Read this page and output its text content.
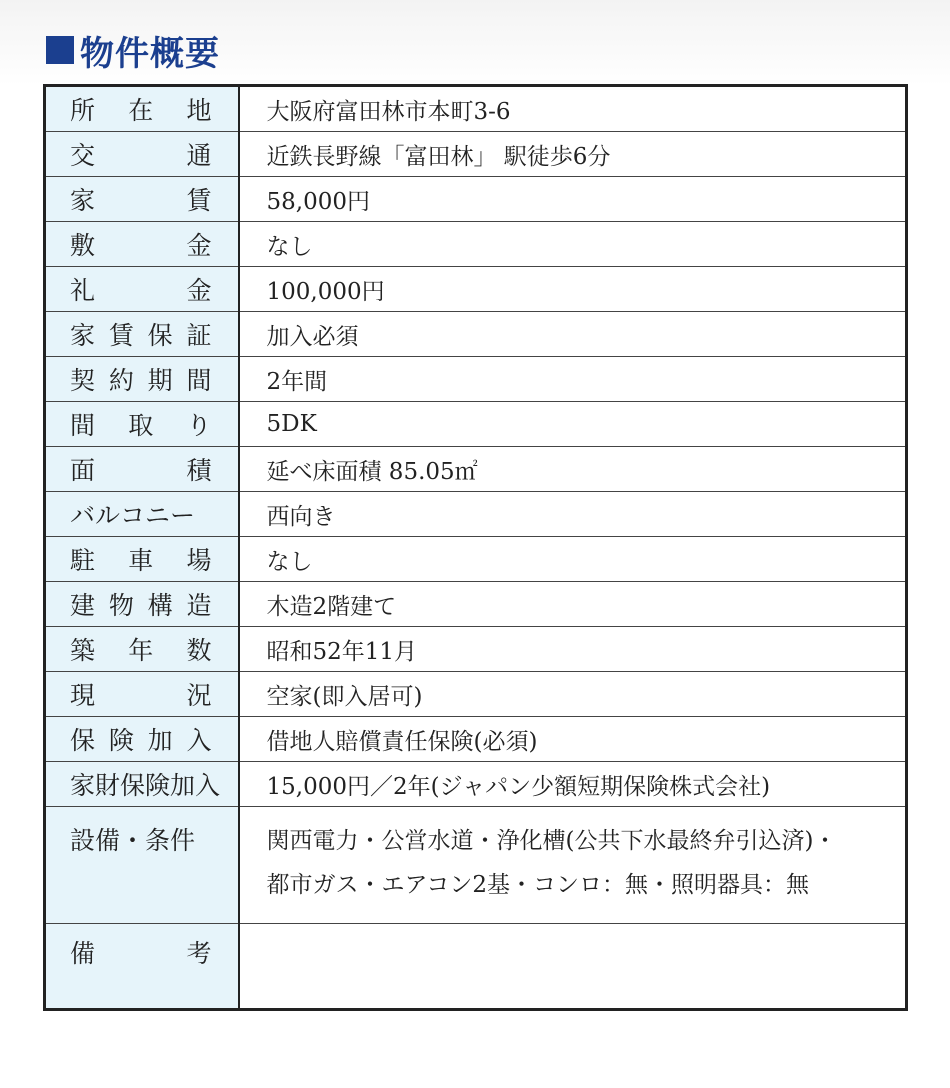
物件概要
所 在 地	大阪府富田林市本町3-6

交 通	近鉄長野線「富田林」 駅徒歩6分

家 賃	58,000円

敷 金	なし

礼 金	100,000円

家 賃 保 証	加入必須

契 約 期 間	2年間

間 取 り	5DK

面 積	延べ床面積 85.05㎡
バルコニー	西向き

駐 車 場	なし

建 物 構 造	木造2階建て

築 年 数	昭和52年11月

現 況	空家(即入居可)

保 険 加 入	借地人賠償責任保険(必須)
家財保険加入	15,000円／2年(ジャパン少額短期保険株式会社)
設備・条件	関西電力・公営水道・浄化槽(公共下水最終弁引込済)・
都市ガス・エアコン2基・コンロ：無・照明器具：無

備 考	
